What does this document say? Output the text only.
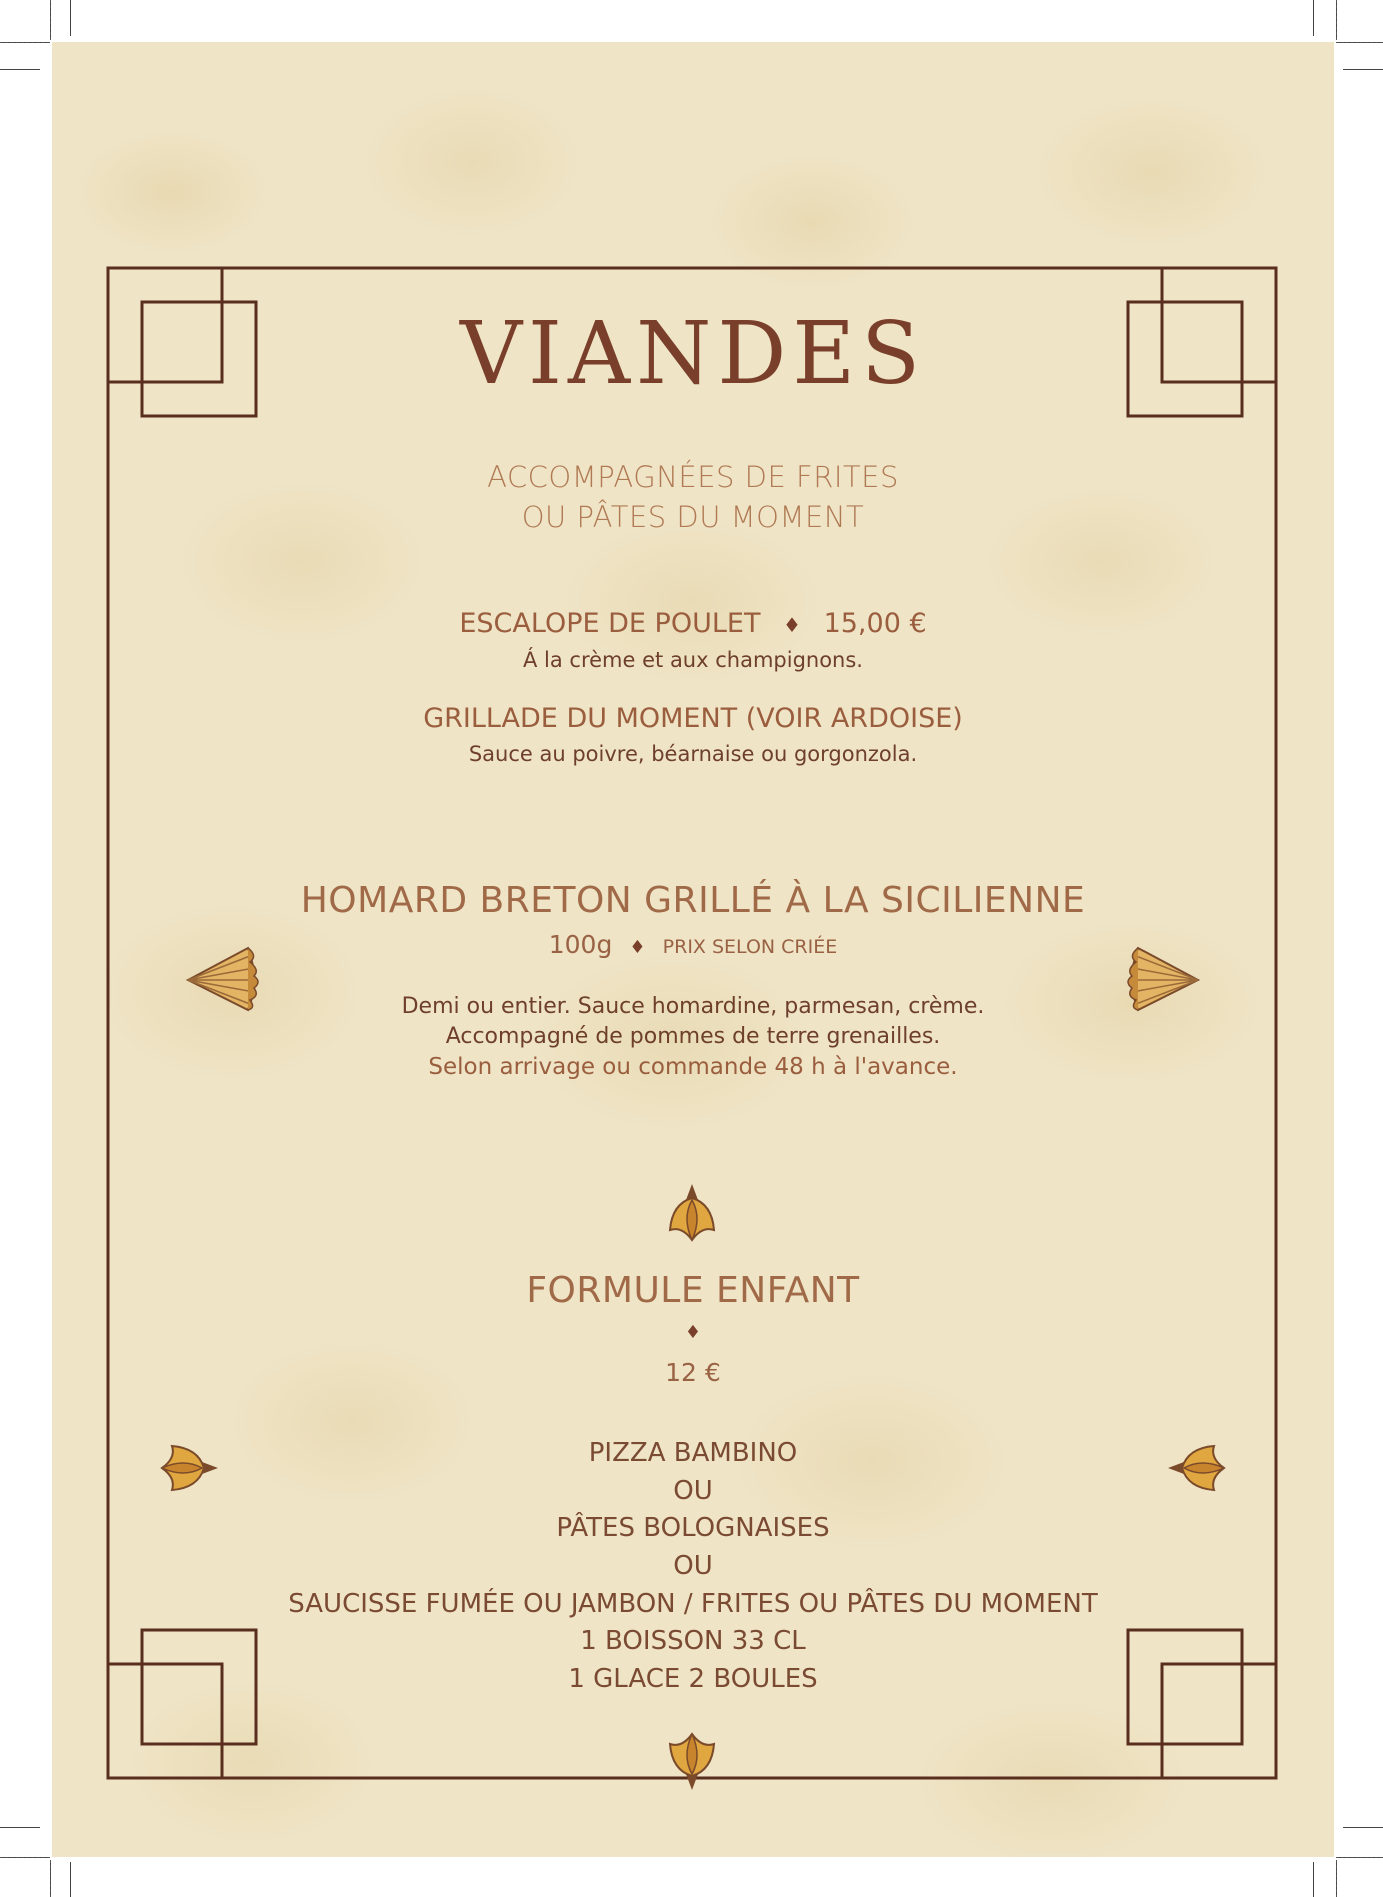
VIANDES
ACCOMPAGNÉES DE FRITES
OU PÂTES DU MOMENT
ESCALOPE DE POULET ♦ 15,00 €
Á la crème et aux champignons.
GRILLADE DU MOMENT (VOIR ARDOISE)
Sauce au poivre, béarnaise ou gorgonzola.
HOMARD BRETON GRILLÉ À LA SICILIENNE
100g ♦ PRIX SELON CRIÉE
Demi ou entier. Sauce homardine, parmesan, crème.
Accompagné de pommes de terre grenailles.
Selon arrivage ou commande 48 h à l'avance.
FORMULE ENFANT
♦
12 €
PIZZA BAMBINO
OU
PÂTES BOLOGNAISES
OU
SAUCISSE FUMÉE OU JAMBON / FRITES OU PÂTES DU MOMENT
1 BOISSON 33 CL
1 GLACE 2 BOULES
